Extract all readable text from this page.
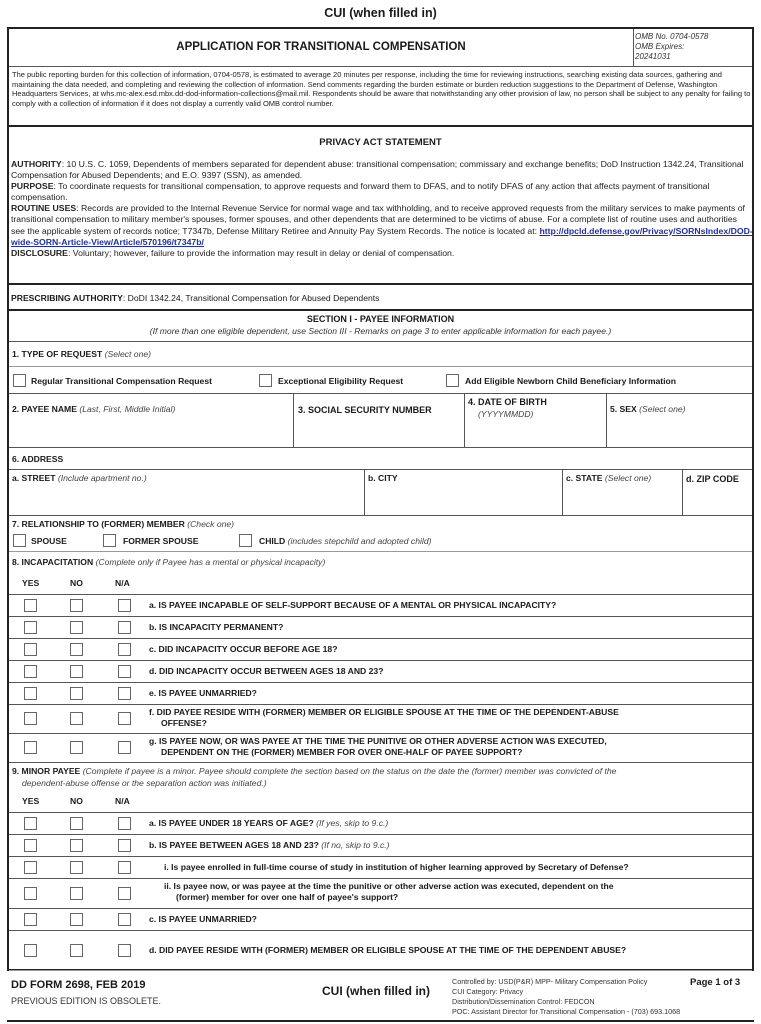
CUI (when filled in)
APPLICATION FOR TRANSITIONAL COMPENSATION
OMB No. 0704-0578
OMB Expires:
20241031
The public reporting burden for this collection of information, 0704-0578, is estimated to average 20 minutes per response, including the time for reviewing instructions, searching existing data sources, gathering and maintaining the data needed, and completing and reviewing the collection of information. Send comments regarding the burden estimate or burden reduction suggestions to the Department of Defense, Washington Headquarters Services, at whs.mc-alex.esd.mbx.dd-dod-information-collections@mail.mil. Respondents should be aware that notwithstanding any other provision of law, no person shall be subject to any penalty for failing to comply with a collection of information if it does not display a currently valid OMB control number.
PRIVACY ACT STATEMENT
AUTHORITY: 10 U.S. C. 1059, Dependents of members separated for dependent abuse: transitional compensation; commissary and exchange benefits; DoD Instruction 1342.24, Transitional Compensation for Abused Dependents; and E.O. 9397 (SSN), as amended.
PURPOSE: To coordinate requests for transitional compensation, to approve requests and forward them to DFAS, and to notify DFAS of any action that affects payment of transitional compensation.
ROUTINE USES: Records are provided to the Internal Revenue Service for normal wage and tax withholding, and to receive approved requests from the military services to make payments of transitional compensation to military member's spouses, former spouses, and other dependents that are determined to be victims of abuse. For a complete list of routine uses and authorities see the applicable system of records notice; T7347b, Defense Military Retiree and Annuity Pay System Records. The notice is located at: http://dpcld.defense.gov/Privacy/SORNsIndex/DOD-wide-SORN-Article-View/Article/570196/t7347b/
DISCLOSURE: Voluntary; however, failure to provide the information may result in delay or denial of compensation.
PRESCRIBING AUTHORITY: DoDI 1342.24, Transitional Compensation for Abused Dependents
SECTION I - PAYEE INFORMATION
(If more than one eligible dependent, use Section III - Remarks on page 3 to enter applicable information for each payee.)
1. TYPE OF REQUEST (Select one)
Regular Transitional Compensation Request	Exceptional Eligibility Request	Add Eligible Newborn Child Beneficiary Information
2. PAYEE NAME (Last, First, Middle Initial)	3. SOCIAL SECURITY NUMBER
4. DATE OF BIRTH
(YYYYMMDD)	5. SEX (Select one)
6. ADDRESS
a. STREET (Include apartment no.)	b. CITY	c. STATE (Select one)	d. ZIP CODE
7. RELATIONSHIP TO (FORMER) MEMBER (Check one)
SPOUSE	FORMER SPOUSE	CHILD (includes stepchild and adopted child)
8. INCAPACITATION (Complete only if Payee has a mental or physical incapacity)
YES	NO	N/A
a. IS PAYEE INCAPABLE OF SELF-SUPPORT BECAUSE OF A MENTAL OR PHYSICAL INCAPACITY?
b. IS INCAPACITY PERMANENT?
c. DID INCAPACITY OCCUR BEFORE AGE 18?
d. DID INCAPACITY OCCUR BETWEEN AGES 18 AND 23?
e. IS PAYEE UNMARRIED?
f. DID PAYEE RESIDE WITH (FORMER) MEMBER OR ELIGIBLE SPOUSE AT THE TIME OF THE DEPENDENT-ABUSE
OFFENSE?
g. IS PAYEE NOW, OR WAS PAYEE AT THE TIME THE PUNITIVE OR OTHER ADVERSE ACTION WAS EXECUTED,
DEPENDENT ON THE (FORMER) MEMBER FOR OVER ONE-HALF OF PAYEE SUPPORT?
9. MINOR PAYEE (Complete if payee is a minor. Payee should complete the section based on the status on the date the (former) member was convicted of the
dependent-abuse offense or the separation action was initiated.)
YES	NO	N/A
a. IS PAYEE UNDER 18 YEARS OF AGE? (If yes, skip to 9.c.)
b. IS PAYEE BETWEEN AGES 18 AND 23? (If no, skip to 9.c.)
i. Is payee enrolled in full-time course of study in institution of higher learning approved by Secretary of Defense?
ii. Is payee now, or was payee at the time the punitive or other adverse action was executed, dependent on the
(former) member for over one half of payee's support?
c. IS PAYEE UNMARRIED?
d. DID PAYEE RESIDE WITH (FORMER) MEMBER OR ELIGIBLE SPOUSE AT THE TIME OF THE DEPENDENT ABUSE?
DD FORM 2698, FEB 2019
PREVIOUS EDITION IS OBSOLETE.
CUI (when filled in)
Controlled by: USD(P&R) MPP- Military Compensation Policy
CUI Category: Privacy
Distribution/Dissemination Control: FEDCON
POC: Assistant Director for Transitional Compensation - (703) 693.1068
Page 1 of 3
